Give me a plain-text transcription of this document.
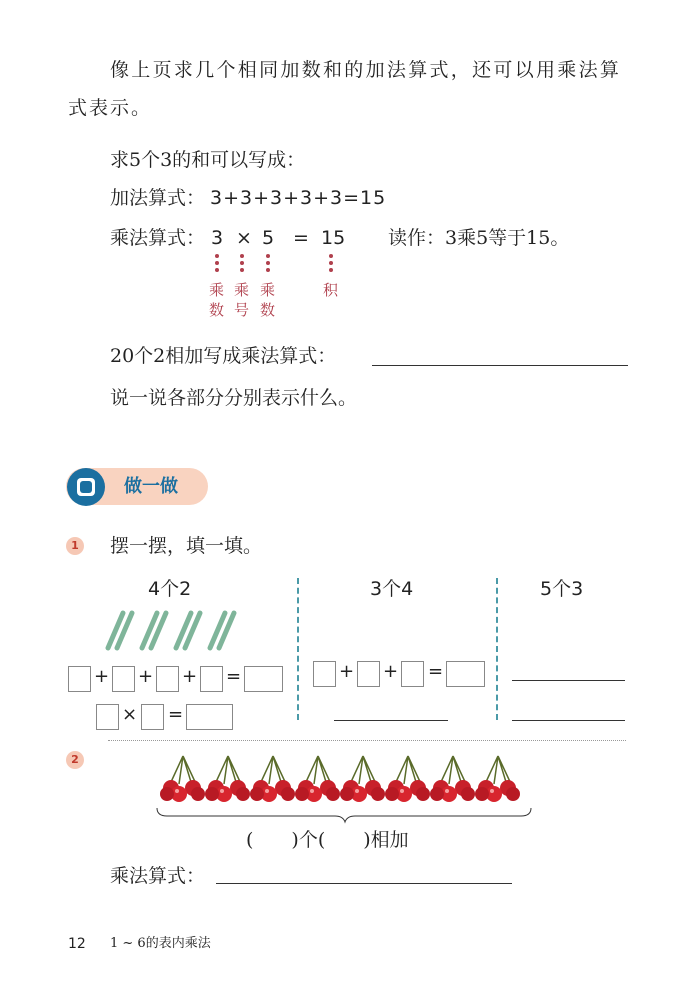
像上页求几个相同加数和的加法算式，还可以用乘法算
式表示。
求5个3的和可以写成：
加法算式： 3+3+3+3+3=15
乘法算式： 3 × 5 = 15 读作：3乘5等于15。
乘
数
乘
号
乘
数
积
20个2相加写成乘法算式：
说一说各部分分别表示什么。
做一做
1 摆一摆，填一填。
4个2	3个4	5个3
+ + + =
× =
+ + =
2
(　　)个(　　)相加
乘法算式：
12 1 ~ 6的表内乘法
